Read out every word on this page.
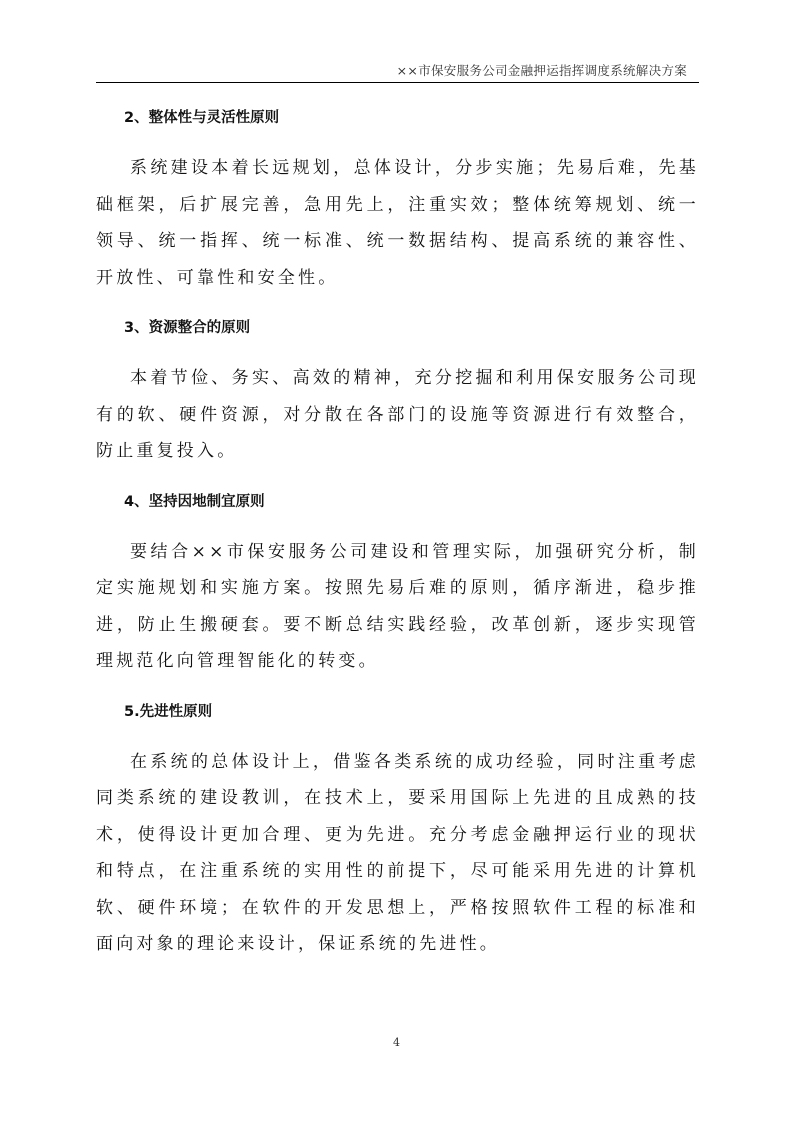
××市保安服务公司金融押运指挥调度系统解决方案
2、整体性与灵活性原则

系统建设本着长远规划，总体设计，分步实施；先易后难，先基础框架，后扩展完善，急用先上，注重实效；整体统筹规划、统一领导、统一指挥、统一标准、统一数据结构、提高系统的兼容性、开放性、可靠性和安全性。

3、资源整合的原则

本着节俭、务实、高效的精神，充分挖掘和利用保安服务公司现有的软、硬件资源，对分散在各部门的设施等资源进行有效整合，防止重复投入。

4、坚持因地制宜原则

要结合××市保安服务公司建设和管理实际，加强研究分析，制定实施规划和实施方案。按照先易后难的原则，循序渐进，稳步推进，防止生搬硬套。要不断总结实践经验，改革创新，逐步实现管理规范化向管理智能化的转变。

5.先进性原则

在系统的总体设计上，借鉴各类系统的成功经验，同时注重考虑同类系统的建设教训，在技术上，要采用国际上先进的且成熟的技术，使得设计更加合理、更为先进。充分考虑金融押运行业的现状和特点，在注重系统的实用性的前提下，尽可能采用先进的计算机软、硬件环境；在软件的开发思想上，严格按照软件工程的标准和面向对象的理论来设计，保证系统的先进性。

4
